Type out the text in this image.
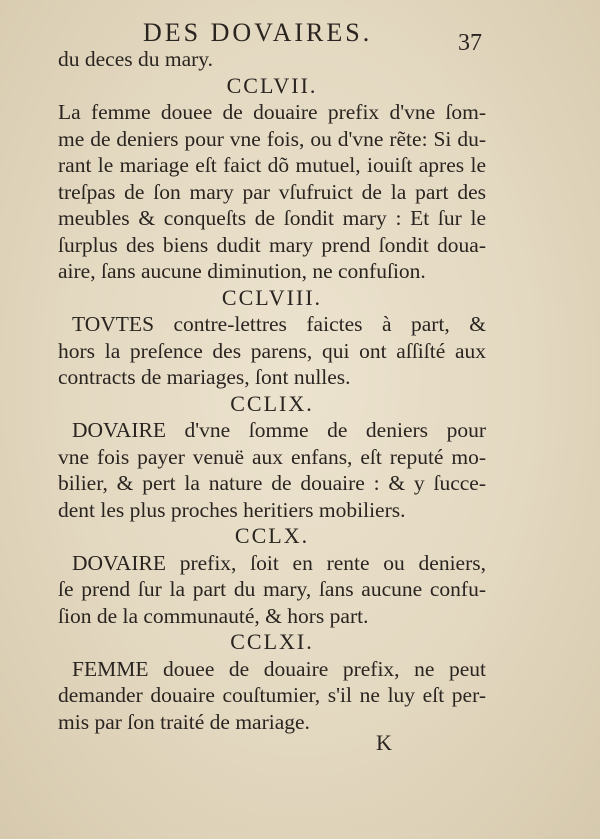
DES DOVAIRES.	37
du deces du mary.
CCLVII.
La femme douee de douaire prefix d'vne ſom-
me de deniers pour vne fois, ou d'vne rẽte: Si du-
rant le mariage eſt faict dõ mutuel, iouiſt apres le
treſpas de ſon mary par vſufruict de la part des
meubles & conqueſts de ſondit mary : Et ſur le
ſurplus des biens dudit mary prend ſondit doua-
aire, ſans aucune diminution, ne confuſion.
CCLVIII.
TOVTES contre-lettres faictes à part, &
hors la preſence des parens, qui ont aſſiſté aux
contracts de mariages, ſont nulles.
CCLIX.
DOVAIRE d'vne ſomme de deniers pour
vne fois payer venuë aux enfans, eſt reputé mo-
bilier, & pert la nature de douaire : & y ſucce-
dent les plus proches heritiers mobiliers.
CCLX.
DOVAIRE prefix, ſoit en rente ou deniers,
ſe prend ſur la part du mary, ſans aucune confu-
ſion de la communauté, & hors part.
CCLXI.
FEMME douee de douaire prefix, ne peut
demander douaire couſtumier, s'il ne luy eſt per-
mis par ſon traité de mariage.
K
